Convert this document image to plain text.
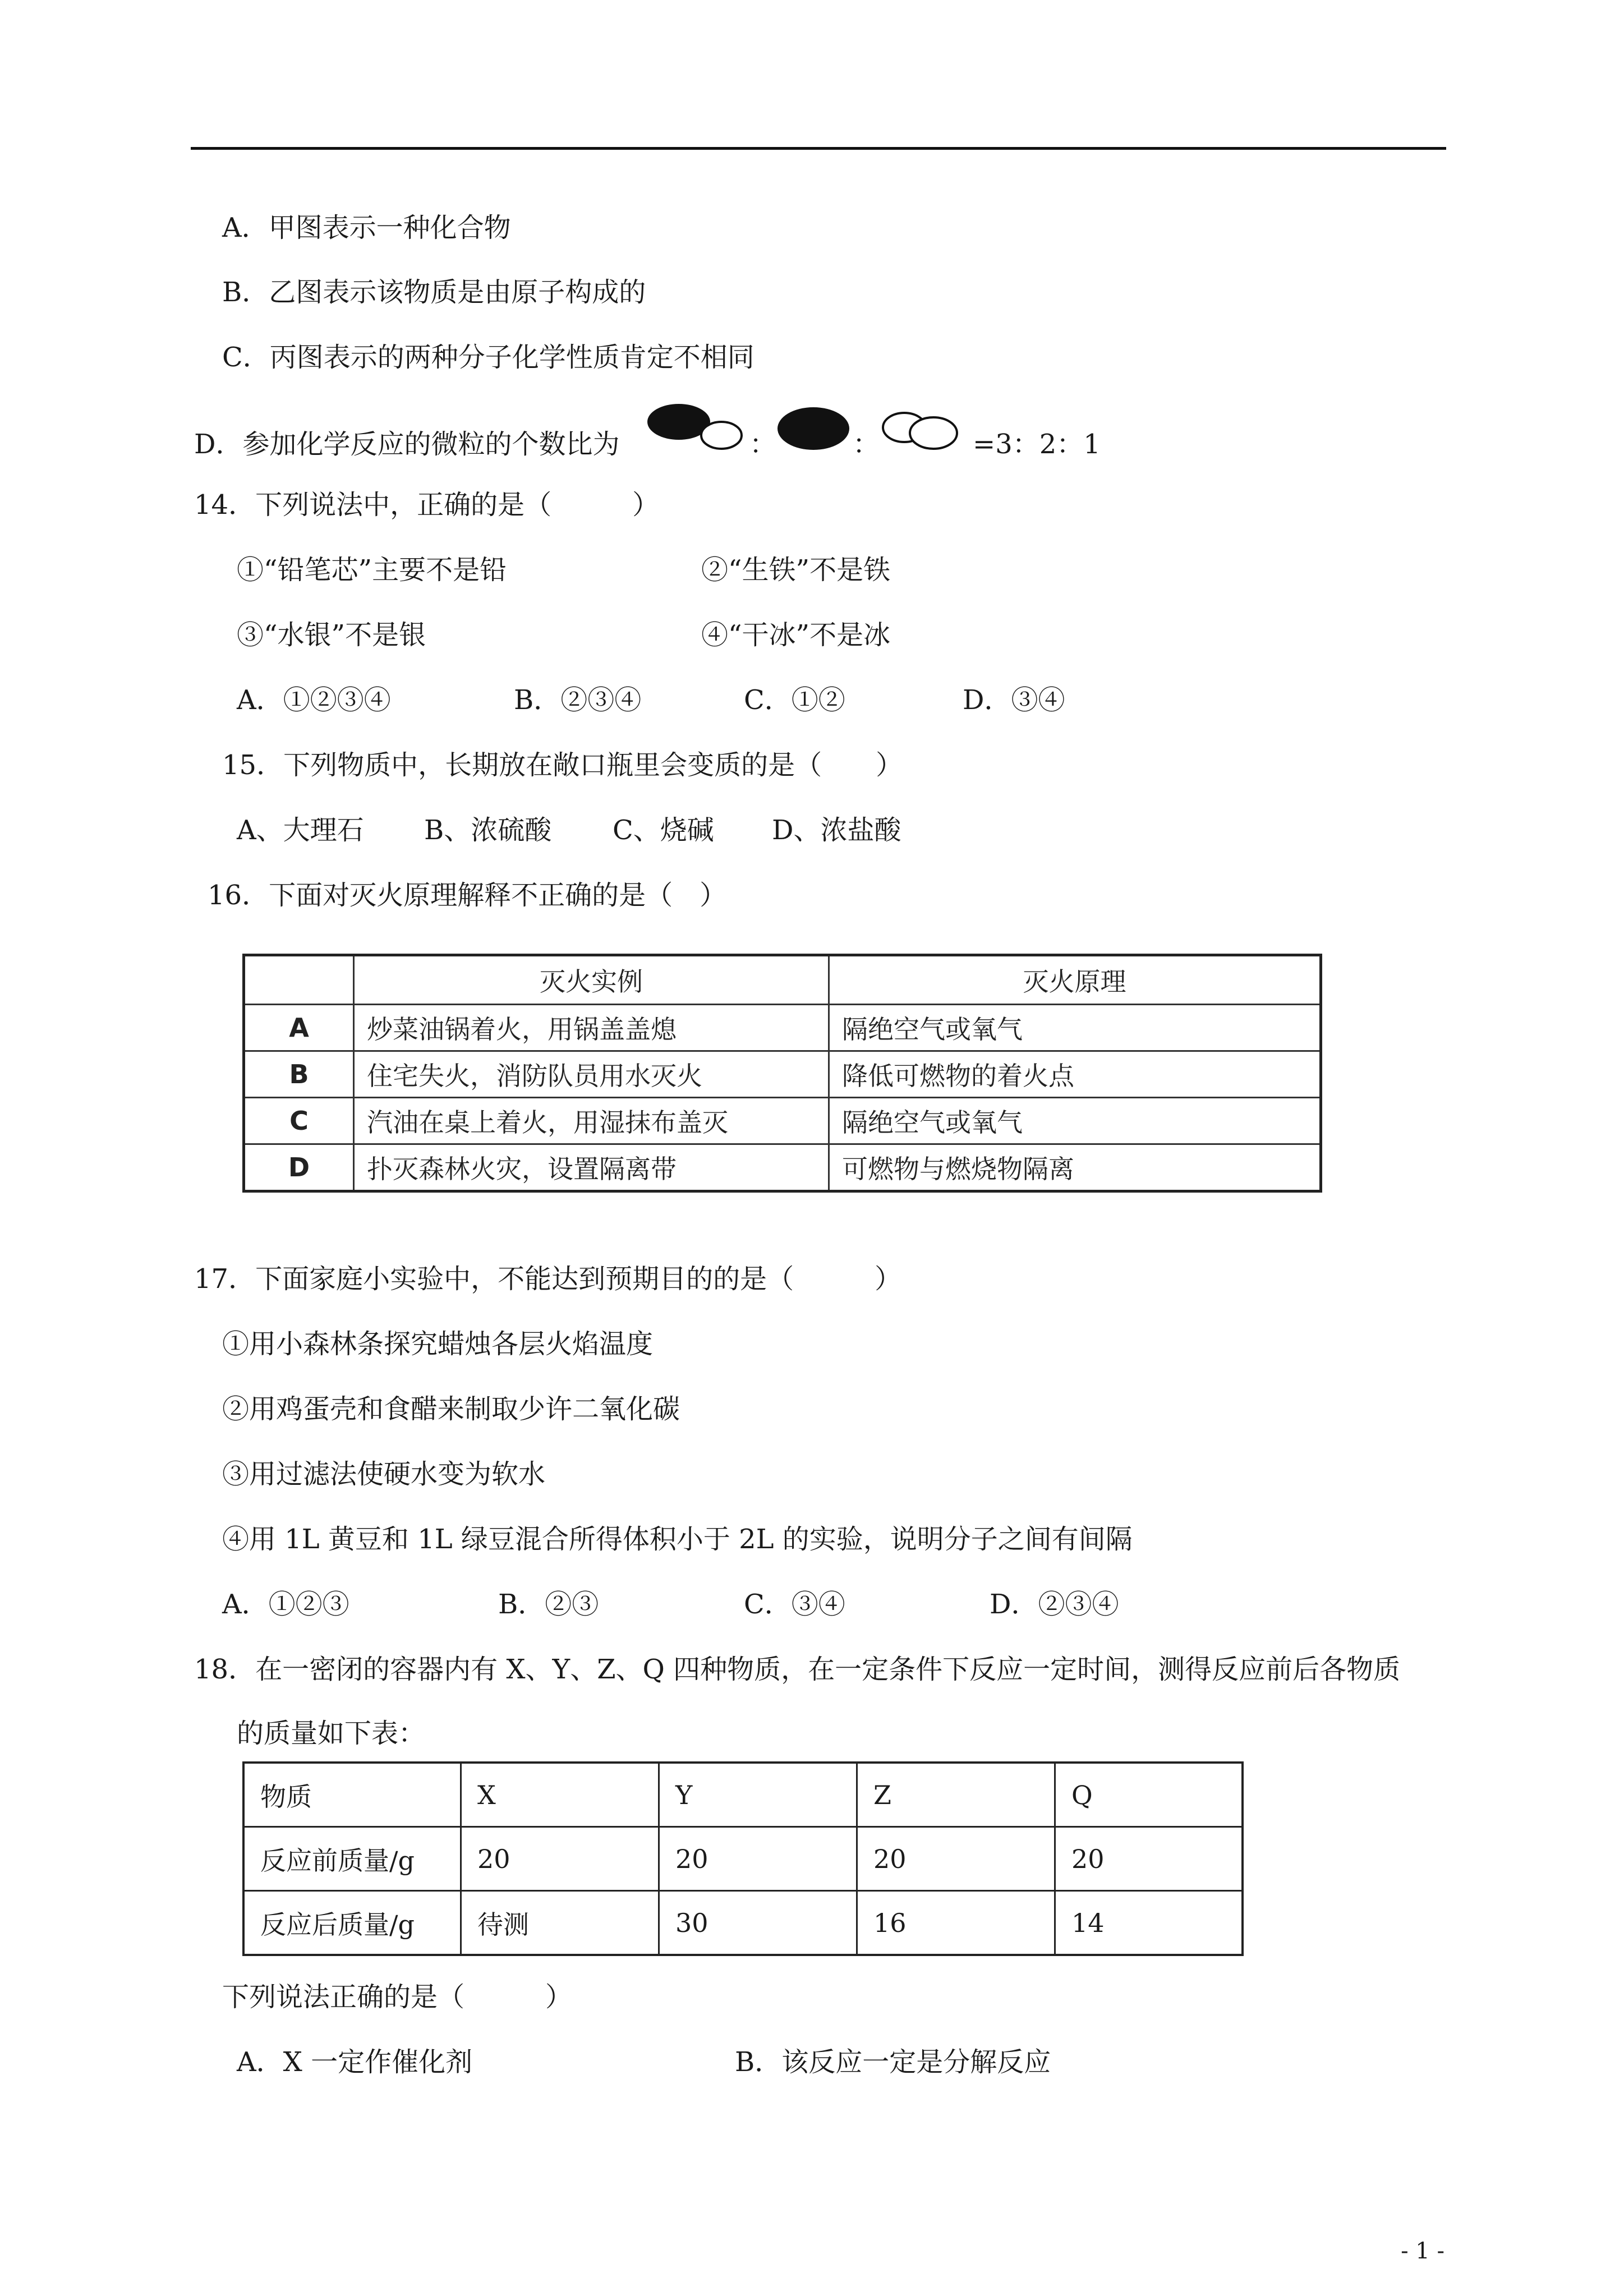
A．甲图表示一种化合物
B．乙图表示该物质是由原子构成的
C．丙图表示的两种分子化学性质肯定不相同
D．参加化学反应的微粒的个数比为	：	：	=3：2：1
14．下列说法中，正确的是（　　　）
①“铅笔芯”主要不是铅	②“生铁”不是铁
③“水银”不是银	④“干冰”不是冰
A．①②③④	B．②③④	C．①②	D．③④
15．下列物质中，长期放在敞口瓶里会变质的是（　　）
A、大理石 B、浓硫酸 C、烧碱 D、浓盐酸
16．下面对灭火原理解释不正确的是（　）
	灭火实例	灭火原理
A	炒菜油锅着火，用锅盖盖熄	隔绝空气或氧气
B	住宅失火，消防队员用水灭火	降低可燃物的着火点
C	汽油在桌上着火，用湿抹布盖灭	隔绝空气或氧气
D	扑灭森林火灾，设置隔离带	可燃物与燃烧物隔离
17．下面家庭小实验中，不能达到预期目的的是（　　　）
①用小森林条探究蜡烛各层火焰温度
②用鸡蛋壳和食醋来制取少许二氧化碳
③用过滤法使硬水变为软水
④用 1L 黄豆和 1L 绿豆混合所得体积小于 2L 的实验，说明分子之间有间隔
A．①②③	B．②③	C．③④	D．②③④
18．在一密闭的容器内有 X、Y、Z、Q 四种物质，在一定条件下反应一定时间，测得反应前后各物质
的质量如下表：
物质	X	Y	Z	Q
反应前质量/g	20	20	20	20
反应后质量/g	待测	30	16	14
下列说法正确的是（　　　）
A．X 一定作催化剂	B．该反应一定是分解反应
- 1 -
